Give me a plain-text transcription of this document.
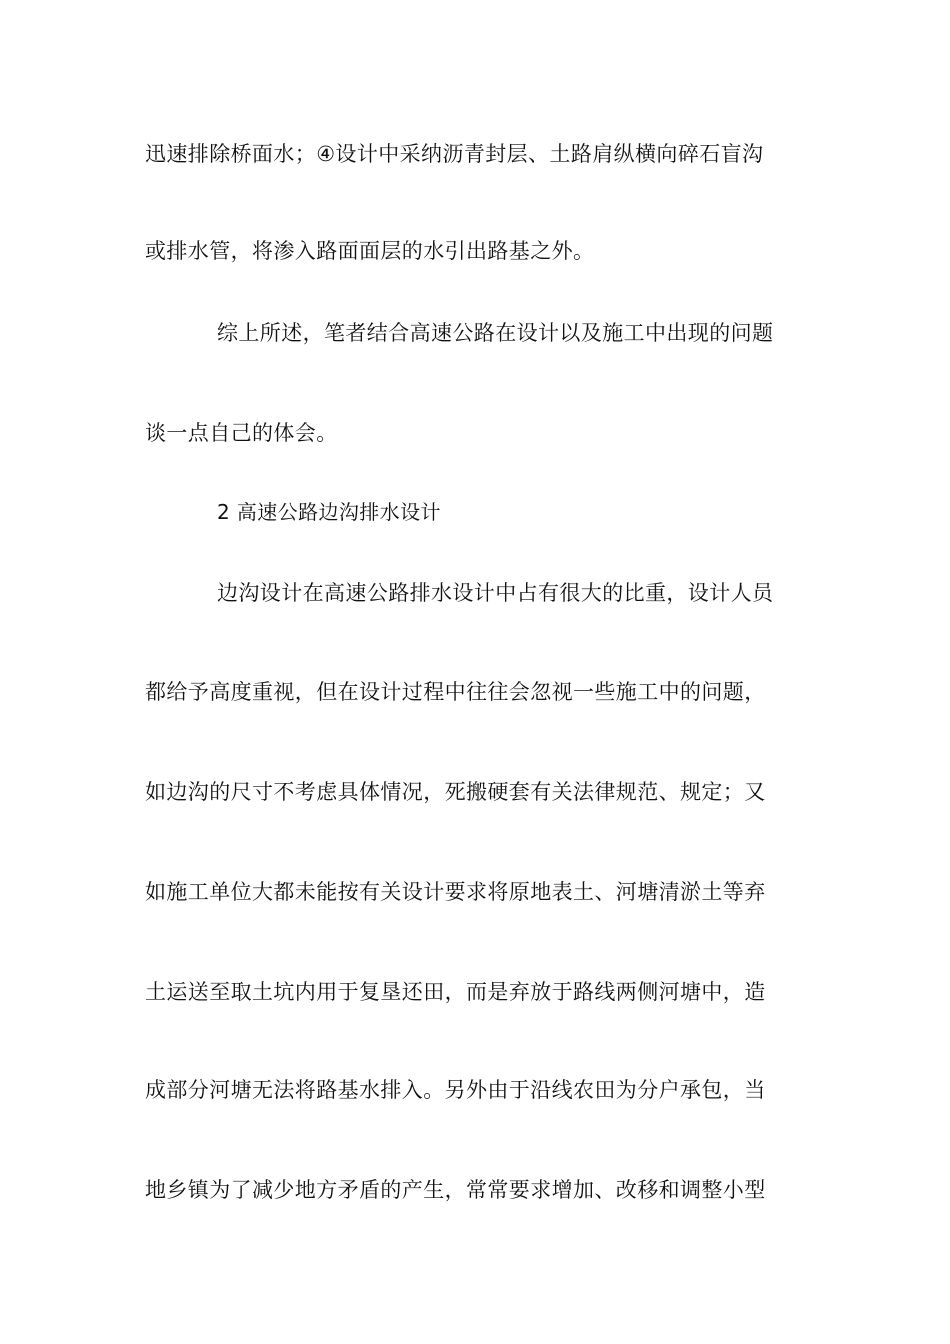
迅速排除桥面水；④设计中采纳沥青封层、土路肩纵横向碎石盲沟
或排水管，将渗入路面面层的水引出路基之外。
综上所述，笔者结合高速公路在设计以及施工中出现的问题
谈一点自己的体会。
2 高速公路边沟排水设计
边沟设计在高速公路排水设计中占有很大的比重，设计人员
都给予高度重视，但在设计过程中往往会忽视一些施工中的问题，
如边沟的尺寸不考虑具体情况，死搬硬套有关法律规范、规定；又
如施工单位大都未能按有关设计要求将原地表土、河塘清淤土等弃
土运送至取土坑内用于复垦还田，而是弃放于路线两侧河塘中，造
成部分河塘无法将路基水排入。另外由于沿线农田为分户承包，当
地乡镇为了减少地方矛盾的产生，常常要求增加、改移和调整小型
